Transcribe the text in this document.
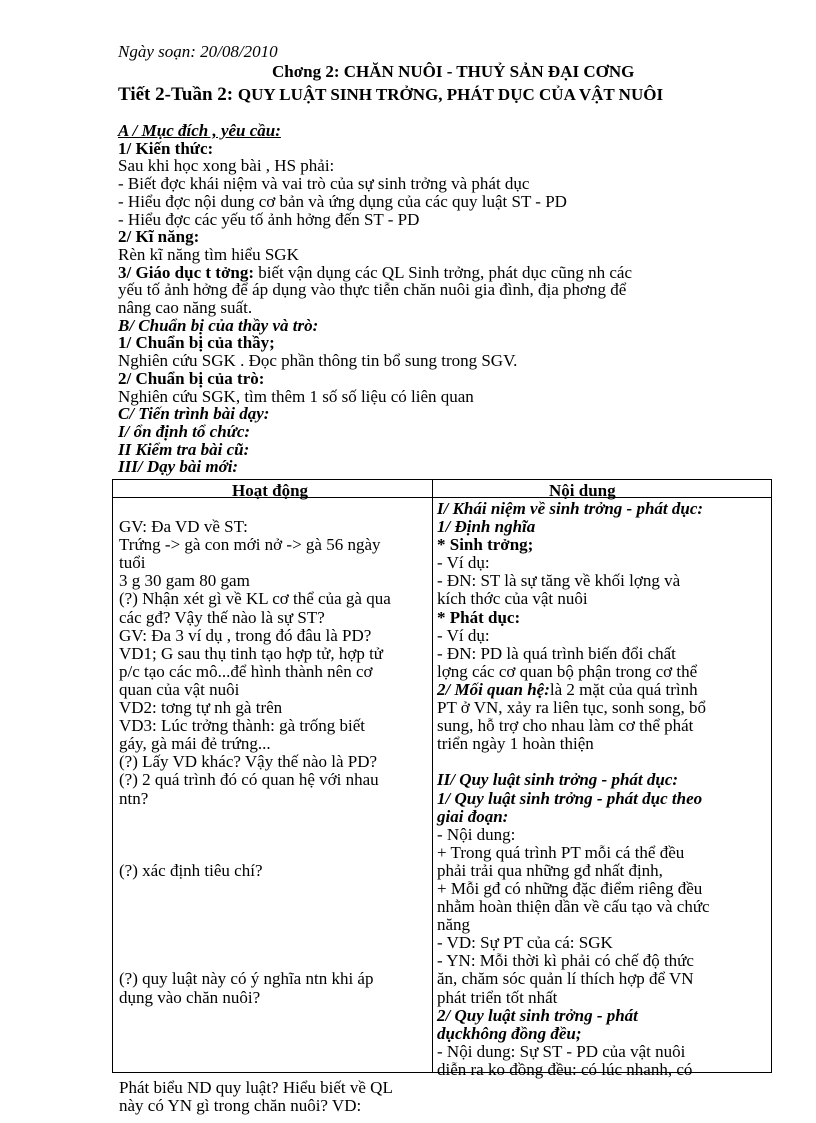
Ngày soạn: 20/08/2010
Chơng 2: CHĂN NUÔI - THUỶ SẢN ĐẠI CƠNG
Tiết 2-Tuần 2: QUY LUẬT SINH TRỞNG, PHÁT DỤC CỦA VẬT NUÔI
A / Mục đích , yêu cầu:
1/ Kiến thức:
Sau khi học xong bài , HS phải:
- Biết đợc khái niệm và vai trò của sự sinh trởng và phát dục
- Hiểu đợc nội dung cơ bản và ứng dụng của các quy luật ST - PD
- Hiểu đợc các yếu tố ảnh hởng đến ST - PD
2/ Kĩ năng:
Rèn kĩ năng tìm hiểu SGK
3/ Giáo dục t tởng: biết vận dụng các QL Sinh trởng, phát dục cũng nh các
yếu tố ảnh hởng để áp dụng vào thực tiễn chăn nuôi gia đình, địa phơng để
nâng cao năng suất.
B/ Chuẩn bị của thầy và trò:
1/ Chuẩn bị của thầy;
Nghiên cứu SGK . Đọc phần thông tin bổ sung trong SGV.
2/ Chuẩn bị của trò:
Nghiên cứu SGK, tìm thêm 1 số số liệu có liên quan
C/ Tiến trình bài dạy:
I/ ổn định tổ chức:
II Kiểm tra bài cũ:
III/ Dạy bài mới:
Hoạt động	Nội dung

GV: Đa VD về ST:
Trứng -> gà con mới nở -> gà 56 ngày
tuổi
3 g 30 gam 80 gam
(?) Nhận xét gì về KL cơ thể của gà qua
các gđ? Vậy thế nào là sự ST?
GV: Đa 3 ví dụ , trong đó đâu là PD?
VD1; G sau thụ tinh tạo hợp tử, hợp tử
p/c tạo các mô...để hình thành nên cơ
quan của vật nuôi
VD2: tơng tự nh gà trên
VD3: Lúc trởng thành: gà trống biết
gáy, gà mái đẻ trứng...
(?) Lấy VD khác? Vậy thế nào là PD?
(?) 2 quá trình đó có quan hệ với nhau
ntn?

(?) xác định tiêu chí?

(?) quy luật này có ý nghĩa ntn khi áp
dụng vào chăn nuôi?

Phát biểu ND quy luật? Hiểu biết về QL
này có YN gì trong chăn nuôi? VD:
I/ Khái niệm về sinh trởng - phát dục:
1/ Định nghĩa
* Sinh trởng;
- Ví dụ:
- ĐN: ST là sự tăng về khối lợng và
kích thớc của vật nuôi
* Phát dục:
- Ví dụ:
- ĐN: PD là quá trình biến đổi chất
lợng các cơ quan bộ phận trong cơ thể
2/ Mối quan hệ:là 2 mặt của quá trình
PT ở VN, xảy ra liên tục, sonh song, bổ
sung, hỗ trợ cho nhau làm cơ thể phát
triển ngày 1 hoàn thiện

II/ Quy luật sinh trởng - phát dục:
1/ Quy luật sinh trởng - phát dục theo
giai đoạn:
- Nội dung:
+ Trong quá trình PT mỗi cá thể đều
phải trải qua những gđ nhất định,
+ Mỗi gđ có những đặc điểm riêng đều
nhằm hoàn thiện dần về cấu tạo và chức
năng
- VD: Sự PT của cá: SGK
- YN: Mỗi thời kì phải có chế độ thức
ăn, chăm sóc quản lí thích hợp để VN
phát triển tốt nhất
2/ Quy luật sinh trởng - phát
dụckhông đồng đều;
- Nội dung: Sự ST - PD của vật nuôi
diễn ra ko đồng đều: có lúc nhanh, có
